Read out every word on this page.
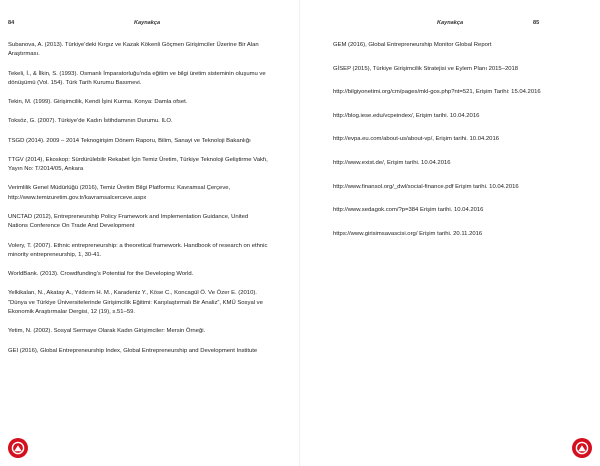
84	Kaynakça
Subanova, A. (2013). Türkiye’deki Kırgız ve Kazak Kökenli Göçmen Girişimciler Üzerine Bir Alan Araştırması.
Tekeli, İ., & İlkin, S. (1993). Osmanlı İmparatorluğu’nda eğitim ve bilgi üretim sisteminin oluşumu ve dönüşümü (Vol. 154). Türk Tarih Kurumu Basımevi.
Tekin, M. (1999). Girişimcilik, Kendi İşini Kurma. Konya: Damla ofset.
Toksöz, G. (2007). Türkiye’de Kadın İstihdamının Durumu. ILO.
TSGD (2014). 2009 – 2014 Teknogirişim Dönem Raporu, Bilim, Sanayi ve Teknoloji Bakanlığı
TTGV (2014), Ekoskop: Sürdürülebilir Rekabet İçin Temiz Üretim, Türkiye Teknoloji Geliştirme Vakfı, Yayın No: T/2014/05, Ankara
Verimlilik Genel Müdürlüğü (2016), Temiz Üretim Bilgi Platformu: Kavramsal Çerçeve, http://www.temizuretim.gov.tr/kavramsalcerceve.aspx
UNCTAD (2012), Entrepreneurship Policy Framework and Implementation Guidance, United Nations Conference On Trade And Development
Volery, T. (2007). Ethnic entrepreneurship: a theoretical framework. Handbook of research on ethnic minority entrepreneurship, 1, 30-41.
WorldBank. (2013). Crowdfunding’s Potential for the Developing World.
Yelkikalan, N., Akatay A., Yıldırım H. M., Karadeniz Y., Köse C., Koncagül Ö. Ve Özer E. (2010). “Dünya ve Türkiye Üniversitelerinde Girişimcilik Eğitimi: Karşılaştırmalı Bir Analiz”, KMÜ Sosyal ve Ekonomik Araştırmalar Dergisi, 12 (19), s.51–59.
Yetim, N. (2002). Sosyal Sermaye Olarak Kadın Girişimciler: Mersin Örneği.
GEI (2016), Global Entrepreneurship Index, Global Entrepreneurship and Development Institute
Kaynakça	85
GEM (2016), Global Entrepreneurship Monitor Global Report
GİSEP (2015), Türkiye Girişimcilik Stratejisi ve Eylem Planı 2015–2018
http://bilgiyonetimi.org/cm/pages/mkl-gos.php?nt=521, Erişim Tarihi: 15.04.2016
http://blog.iese.edu/vcpeindex/, Erişim tarihi. 10.04.2016
http://evpa.eu.com/about-us/about-vp/, Erişim tarihi. 10.04.2016
http://www.exist.de/, Erişim tarihi. 10.04.2016
http://www.finansol.org/_dwl/social-finance.pdf Erişim tarihi. 10.04.2016
http://www.sedagok.com/?p=384 Erişim tarihi. 10.04.2016
https://www.girisimsavascisi.org/ Erişim tarihi. 20.11.2016
